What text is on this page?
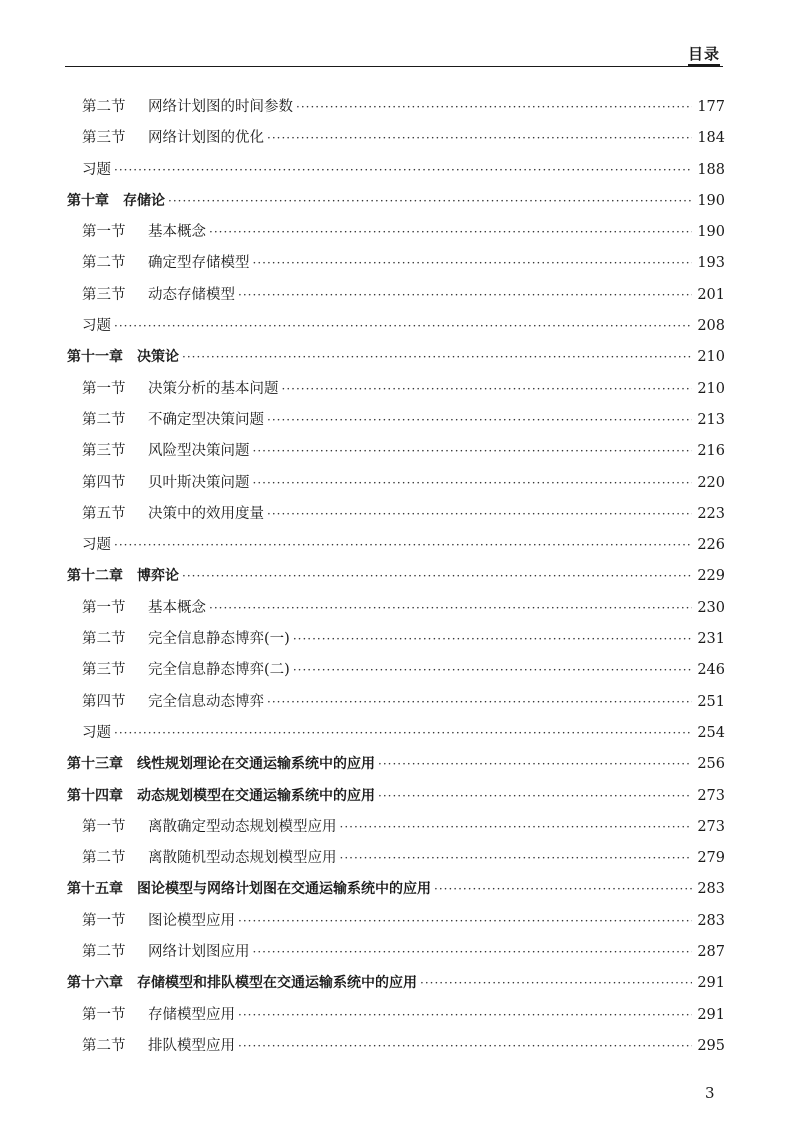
目录
第二节	网络计划图的时间参数 ·····	177
第三节	网络计划图的优化 ·····	184
习题 ·····	188
第十章 存储论 ·····	190
第一节	基本概念 ·····	190
第二节	确定型存储模型 ·····	193
第三节	动态存储模型 ·····	201
习题 ·····	208
第十一章 决策论 ·····	210
第一节	决策分析的基本问题 ·····	210
第二节	不确定型决策问题 ·····	213
第三节	风险型决策问题 ·····	216
第四节	贝叶斯决策问题 ·····	220
第五节	决策中的效用度量 ·····	223
习题 ·····	226
第十二章 博弈论 ·····	229
第一节	基本概念 ·····	230
第二节	完全信息静态博弈(一) ·····	231
第三节	完全信息静态博弈(二) ·····	246
第四节	完全信息动态博弈 ·····	251
习题 ·····	254
第十三章 线性规划理论在交通运输系统中的应用 ·····	256
第十四章 动态规划模型在交通运输系统中的应用 ·····	273
第一节	离散确定型动态规划模型应用 ·····	273
第二节	离散随机型动态规划模型应用 ·····	279
第十五章 图论模型与网络计划图在交通运输系统中的应用 ·····	283
第一节	图论模型应用 ·····	283
第二节	网络计划图应用 ·····	287
第十六章 存储模型和排队模型在交通运输系统中的应用 ·····	291
第一节	存储模型应用 ·····	291
第二节	排队模型应用 ·····	295
3
